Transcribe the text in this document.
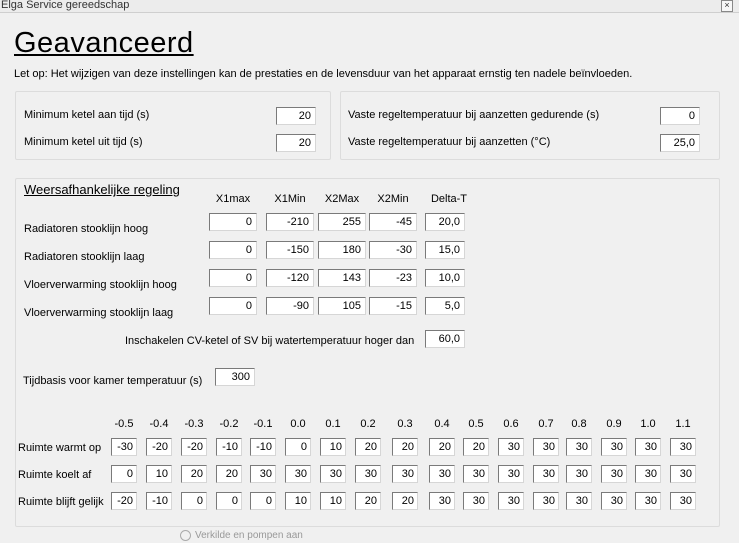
Elga Service gereedschap	×
Geavanceerd
Let op: Het wijzigen van deze instellingen kan de prestaties en de levensduur van het apparaat ernstig ten nadele beïnvloeden.
Minimum ketel aan tijd (s)	20
Minimum ketel uit tijd (s)	20
Vaste regeltemperatuur bij aanzetten gedurende (s)	0
Vaste regeltemperatuur bij aanzetten (°C)	25,0
Weersafhankelijke regeling
X1max	X1Min	X2Max	X2Min	Delta-T
Radiatoren stooklijn hoog
0	-210	255	-45	20,0
Radiatoren stooklijn laag
0	-150	180	-30	15,0
Vloerverwarming stooklijn hoog
0	-120	143	-23	10,0
Vloerverwarming stooklijn laag
0	-90	105	-15	5,0
Inschakelen CV-ketel of SV bij watertemperatuur hoger dan	60,0
Tijdbasis voor kamer temperatuur (s)	300
-0.5	-0.4	-0.3	-0.2	-0.1	0.0	0.1	0.2	0.3	0.4	0.5	0.6	0.7	0.8	0.9	1.0	1.1
Ruimte warmt op	-30	-20	-20	-10	-10	0	10	20	20	20	20	30	30	30	30	30	30
Ruimte koelt af	0	10	20	20	30	30	30	30	30	30	30	30	30	30	30	30	30
Ruimte blijft gelijk	-20	-10	0	0	0	10	10	20	20	30	30	30	30	30	30	30	30
Verkilde en pompen aan
